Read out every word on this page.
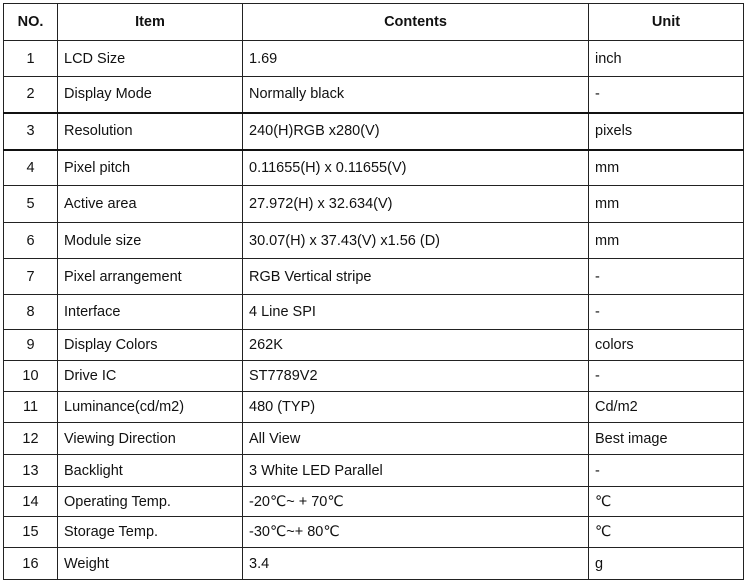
NO.	Item	Contents	Unit
1	LCD Size	1.69	inch
2	Display Mode	Normally black	-
3	Resolution	240(H)RGB x280(V)	pixels
4	Pixel pitch	0.11655(H) x 0.11655(V)	mm
5	Active area	27.972(H) x 32.634(V)	mm
6	Module size	30.07(H) x 37.43(V) x1.56 (D)	mm
7	Pixel arrangement	RGB Vertical stripe	-
8	Interface	4 Line SPI	-
9	Display Colors	262K	colors
10	Drive IC	ST7789V2	-
11	Luminance(cd/m2)	480 (TYP)	Cd/m2
12	Viewing Direction	All View	Best image
13	Backlight	3 White LED Parallel	-
14	Operating Temp.	-20℃~ + 70℃	℃
15	Storage Temp.	-30℃~+ 80℃	℃
16	Weight	3.4	g
